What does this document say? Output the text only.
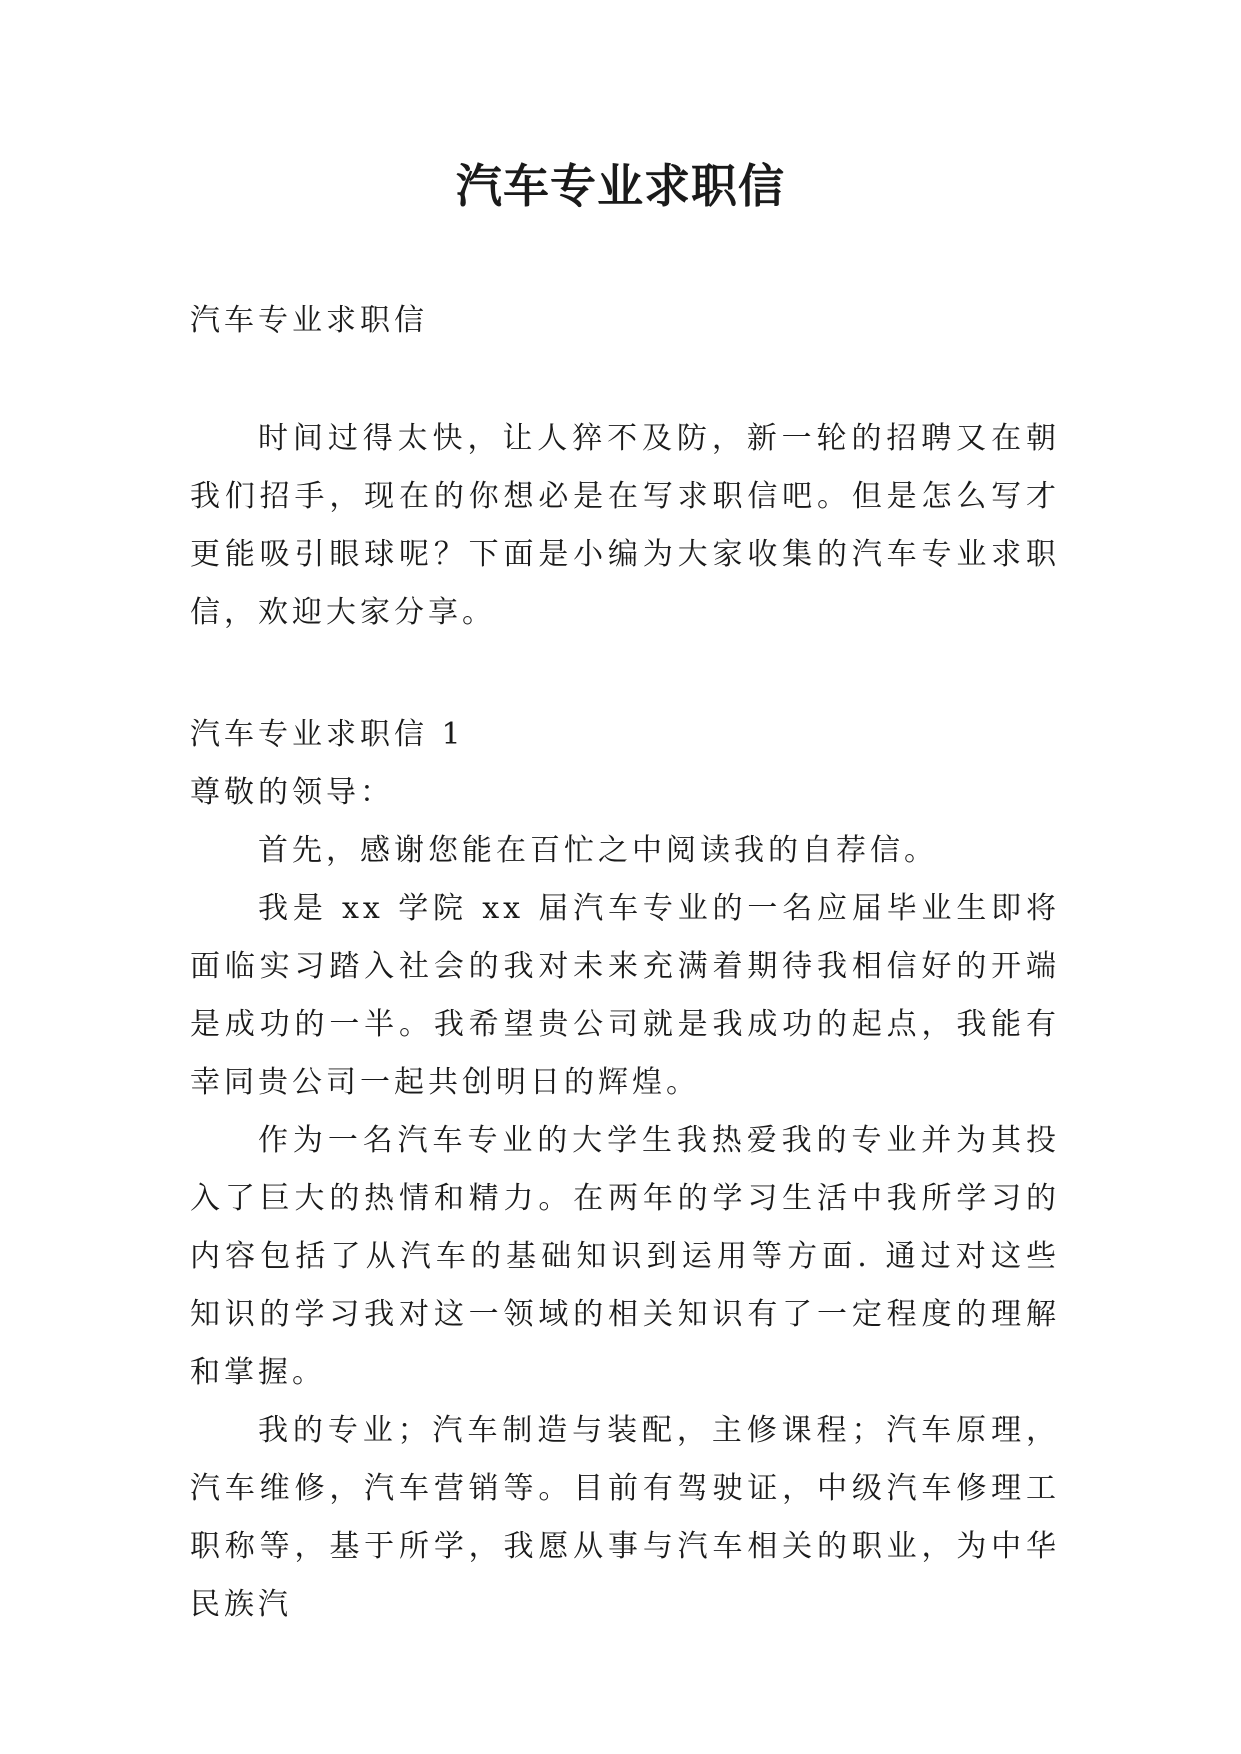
汽车专业求职信

汽车专业求职信

时间过得太快，让人猝不及防，新一轮的招聘又在朝我们招手，现在的你想必是在写求职信吧。但是怎么写才更能吸引眼球呢？下面是小编为大家收集的汽车专业求职信，欢迎大家分享。

汽车专业求职信 1

尊敬的领导：

首先，感谢您能在百忙之中阅读我的自荐信。

我是 xx 学院 xx 届汽车专业的一名应届毕业生即将面临实习踏入社会的我对未来充满着期待我相信好的开端是成功的一半。我希望贵公司就是我成功的起点，我能有幸同贵公司一起共创明日的辉煌。

作为一名汽车专业的大学生我热爱我的专业并为其投入了巨大的热情和精力。在两年的学习生活中我所学习的内容包括了从汽车的基础知识到运用等方面. 通过对这些知识的学习我对这一领域的相关知识有了一定程度的理解和掌握。

我的专业；汽车制造与装配，主修课程；汽车原理，汽车维修，汽车营销等。目前有驾驶证，中级汽车修理工职称等，基于所学，我愿从事与汽车相关的职业，为中华民族汽
